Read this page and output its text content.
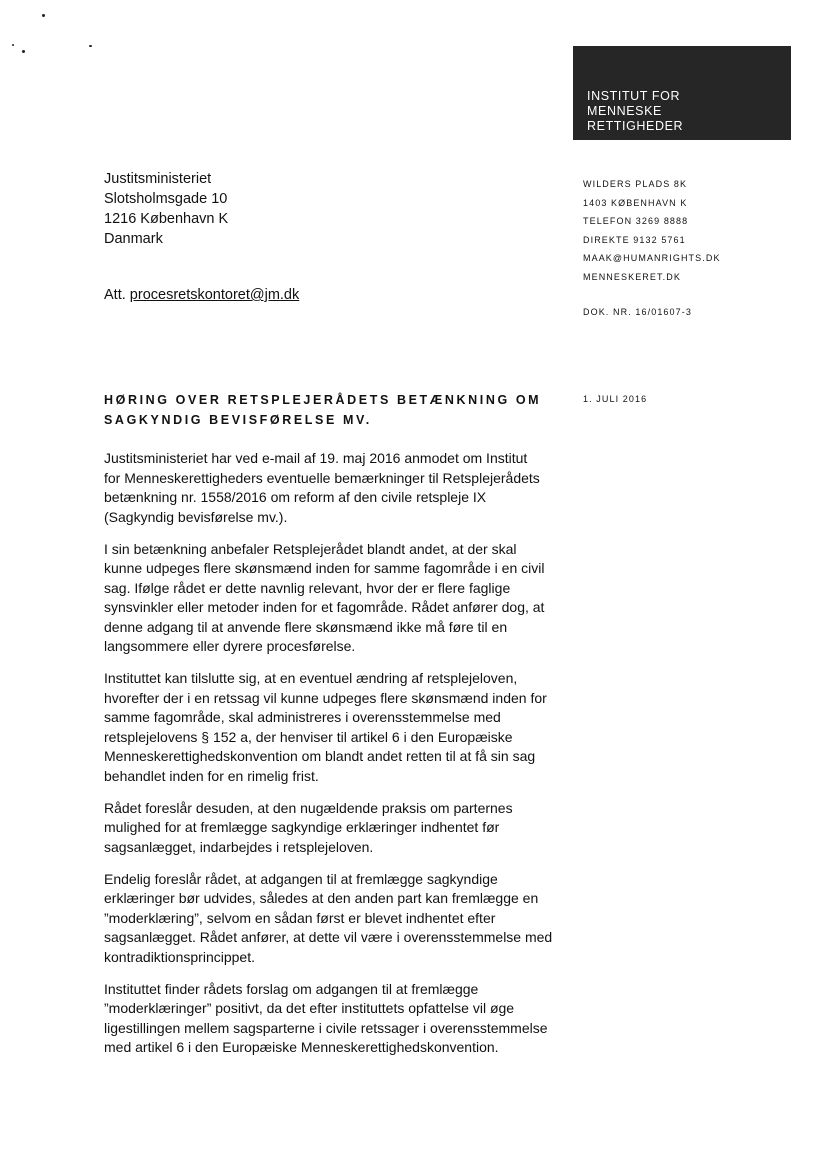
INSTITUT FOR
MENNESKE
RETTIGHEDER
Justitsministeriet
Slotsholmsgade 10
1216 København K
Danmark
Att. procesretskontoret@jm.dk
WILDERS PLADS 8K
1403 KØBENHAVN K
TELEFON 3269 8888
DIREKTE 9132 5761
MAAK@HUMANRIGHTS.DK
MENNESKERET.DK
DOK. NR. 16/01607-3
1. JULI 2016
HØRING OVER RETSPLEJERÅDETS BETÆNKNING OM
SAGKYNDIG BEVISFØRELSE MV.

Justitsministeriet har ved e-mail af 19. maj 2016 anmodet om Institut
for Menneskerettigheders eventuelle bemærkninger til Retsplejerådets
betænkning nr. 1558/2016 om reform af den civile retspleje IX
(Sagkyndig bevisførelse mv.).

I sin betænkning anbefaler Retsplejerådet blandt andet, at der skal
kunne udpeges flere skønsmænd inden for samme fagområde i en civil
sag. Ifølge rådet er dette navnlig relevant, hvor der er flere faglige
synsvinkler eller metoder inden for et fagområde. Rådet anfører dog, at
denne adgang til at anvende flere skønsmænd ikke må føre til en
langsommere eller dyrere procesførelse.

Instituttet kan tilslutte sig, at en eventuel ændring af retsplejeloven,
hvorefter der i en retssag vil kunne udpeges flere skønsmænd inden for
samme fagområde, skal administreres i overensstemmelse med
retsplejelovens § 152 a, der henviser til artikel 6 i den Europæiske
Menneskerettighedskonvention om blandt andet retten til at få sin sag
behandlet inden for en rimelig frist.

Rådet foreslår desuden, at den nugældende praksis om parternes
mulighed for at fremlægge sagkyndige erklæringer indhentet før
sagsanlægget, indarbejdes i retsplejeloven.

Endelig foreslår rådet, at adgangen til at fremlægge sagkyndige
erklæringer bør udvides, således at den anden part kan fremlægge en
”moderklæring”, selvom en sådan først er blevet indhentet efter
sagsanlægget. Rådet anfører, at dette vil være i overensstemmelse med
kontradiktionsprincippet.

Instituttet finder rådets forslag om adgangen til at fremlægge
”moderklæringer” positivt, da det efter instituttets opfattelse vil øge
ligestillingen mellem sagsparterne i civile retssager i overensstemmelse
med artikel 6 i den Europæiske Menneskerettighedskonvention.
